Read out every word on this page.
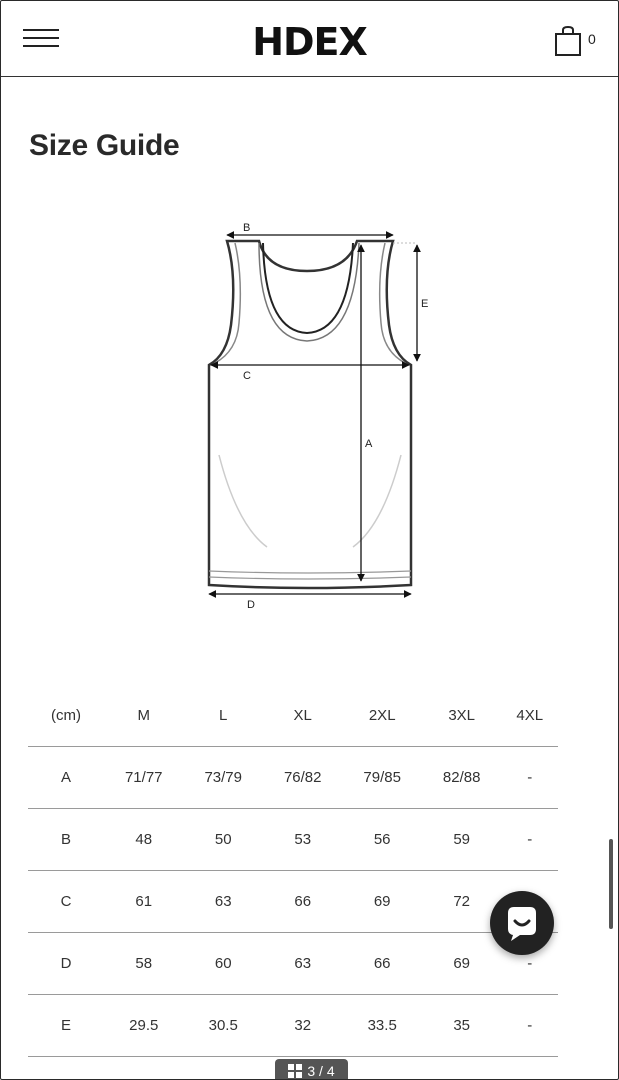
HDEX	0
Size Guide
B
E
C
A
D
(cm)	M	L	XL	2XL	3XL	4XL
A	71/77	73/79	76/82	79/85	82/88	-
B	48	50	53	56	59	-
C	61	63	66	69	72	
D	58	60	63	66	69	-
E	29.5	30.5	32	33.5	35	-
3 / 4
